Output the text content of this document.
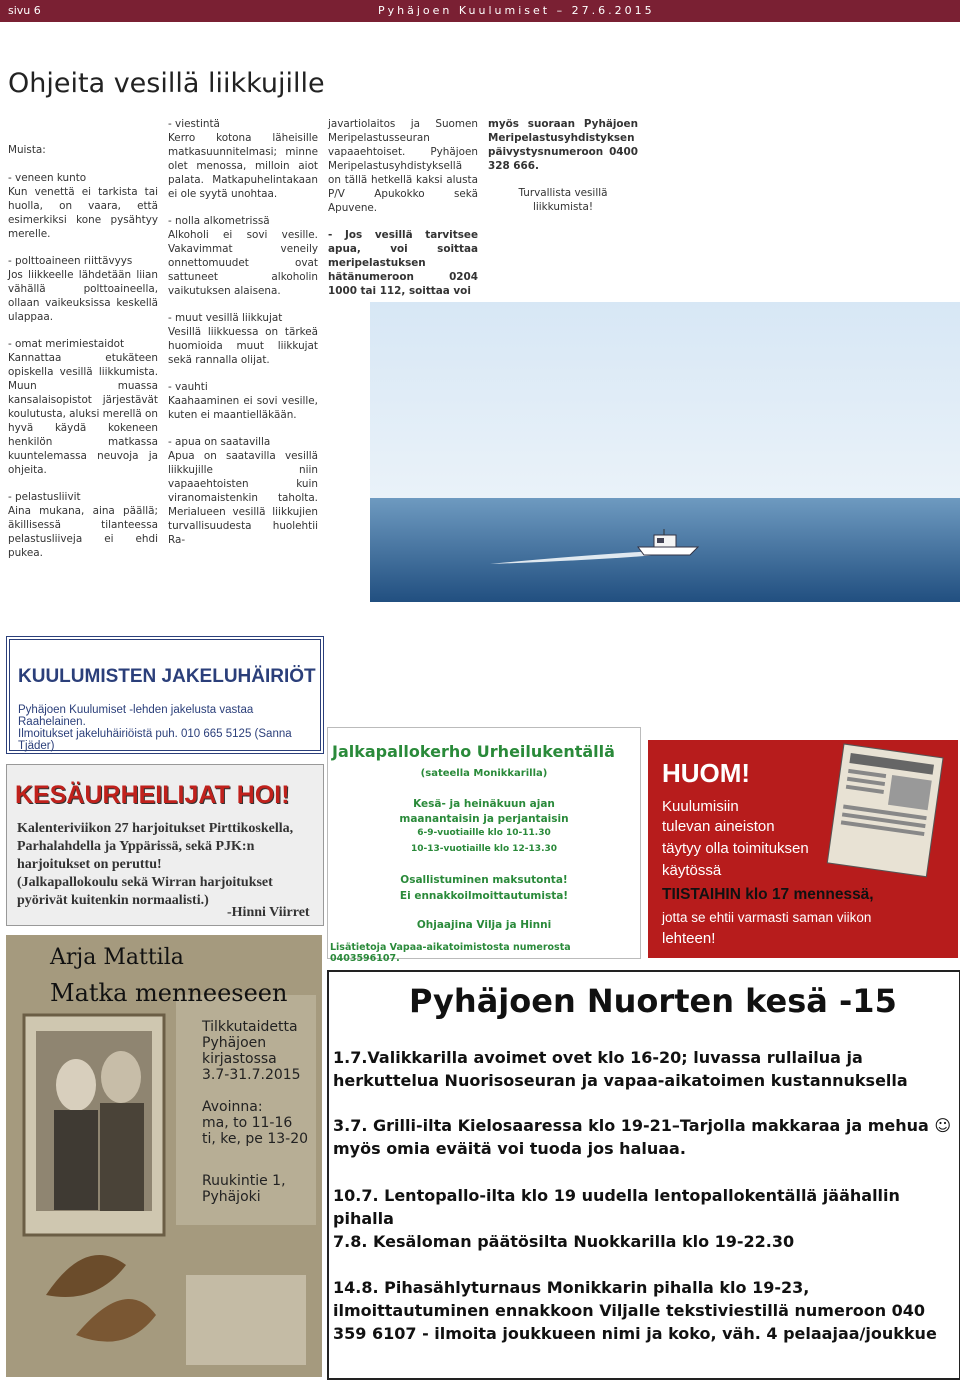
sivu 6	Pyhäjoen Kuulumiset – 27.6.2015
Ohjeita vesillä liikkujille

Muista:

- veneen kunto
Kun venettä ei tarkista tai huolla, on vaara, että esimerkiksi kone pysähtyy merelle.

- polttoaineen riittävyys
Jos liikkeelle lähdetään liian vähällä polttoaineella, ollaan vaikeuksissa keskellä ulappaa.

- omat merimiestaidot
Kannattaa etukäteen opiskella vesillä liikkumista. Muun muassa kansalaisopistot järjestävät koulutusta, aluksi merellä on hyvä käydä kokeneen henkilön matkassa kuuntelemassa neuvoja ja ohjeita.

- pelastusliivit
Aina mukana, aina päällä; äkillisessä tilanteessa pelastusliiveja ei ehdi pukea.

- viestintä
Kerro kotona läheisille matkasuunnitelmasi; minne olet menossa, milloin aiot palata. Matkapuhelintakaan ei ole syytä unohtaa.

- nolla alkometrissä
Alkoholi ei sovi vesille. Vakavimmat veneily onnettomuudet ovat sattuneet alkoholin vaikutuksen alaisena.

- muut vesillä liikkujat
Vesillä liikkuessa on tärkeä huomioida muut liikkujat sekä rannalla olijat.

- vauhti
Kaahaaminen ei sovi vesille, kuten ei maantielläkään.

- apua on saatavilla
Apua on saatavilla vesillä liikkujille niin vapaaehtoisten kuin viranomaistenkin taholta. Merialueen vesillä liikkujien turvallisuudesta huolehtii Ra-

javartiolaitos ja Suomen Meripelastusseuran vapaaehtoiset. Pyhäjoen Meripelastusyhdistyksellä on tällä hetkellä kaksi alusta P/V Apukokko sekä Apuvene.

- Jos vesillä tarvitsee apua, voi soittaa meripelastuksen hätänumeroon 0204 1000 tai 112, soittaa voi

myös suoraan Pyhäjoen Meripelastusyhdistyksen päivystysnumeroon 0400 328 666.

Turvallista vesillä liikkumista!

KUULUMISTEN JAKELUHÄIRIÖT
Pyhäjoen Kuulumiset -lehden jakelusta vastaa Raahelainen.
Ilmoitukset jakeluhäiriöistä puh. 010 665 5125 (Sanna Tjäder)
KESÄURHEILIJAT HOI!
Kalenteriviikon 27 harjoitukset Pirttikoskella,
Parhalahdella ja Yppärissä, sekä PJK:n
harjoitukset on peruttu!
(Jalkapallokoulu sekä Wirran harjoitukset
pyörivät kuitenkin normaalisti.)
-Hinni Viirret
Arja Mattila
Matka menneeseen
Tilkkutaidetta
Pyhäjoen
kirjastossa
3.7-31.7.2015
Avoinna:
ma, to 11-16
ti, ke, pe 13-20
Ruukintie 1,
Pyhäjoki
Jalkapallokerho Urheilukentällä
(sateella Monikkarilla)
Kesä- ja heinäkuun ajan
maanantaisin ja perjantaisin
6-9-vuotiaille klo 10-11.30
10-13-vuotiaille klo 12-13.30
Osallistuminen maksutonta!
Ei ennakkoilmoittautumista!
Ohjaajina Vilja ja Hinni
Lisätietoja Vapaa-aikatoimistosta numerosta 0403596107.
HUOM!
Kuulumisiin
tulevan aineiston
täytyy olla toimituksen
käytössä
TIISTAIHIN klo 17 mennessä,
jotta se ehtii varmasti saman viikon
lehteen!
Pyhäjoen Nuorten kesä -15
1.7.Valikkarilla avoimet ovet klo 16-20; luvassa rullailua ja herkuttelua Nuorisoseuran ja vapaa-aikatoimen kustannuksella
3.7. Grilli-ilta Kielosaaressa klo 19-21–Tarjolla makkaraa ja mehua ☺ myös omia eväitä voi tuoda jos haluaa.
10.7. Lentopallo-ilta klo 19 uudella lentopallokentällä jäähallin pihalla
7.8. Kesäloman päätösilta Nuokkarilla klo 19-22.30
14.8. Pihasählyturnaus Monikkarin pihalla klo 19-23, ilmoittautuminen ennakkoon Viljalle tekstiviestillä numeroon 040 359 6107 - ilmoita joukkueen nimi ja koko, väh. 4 pelaajaa/joukkue
